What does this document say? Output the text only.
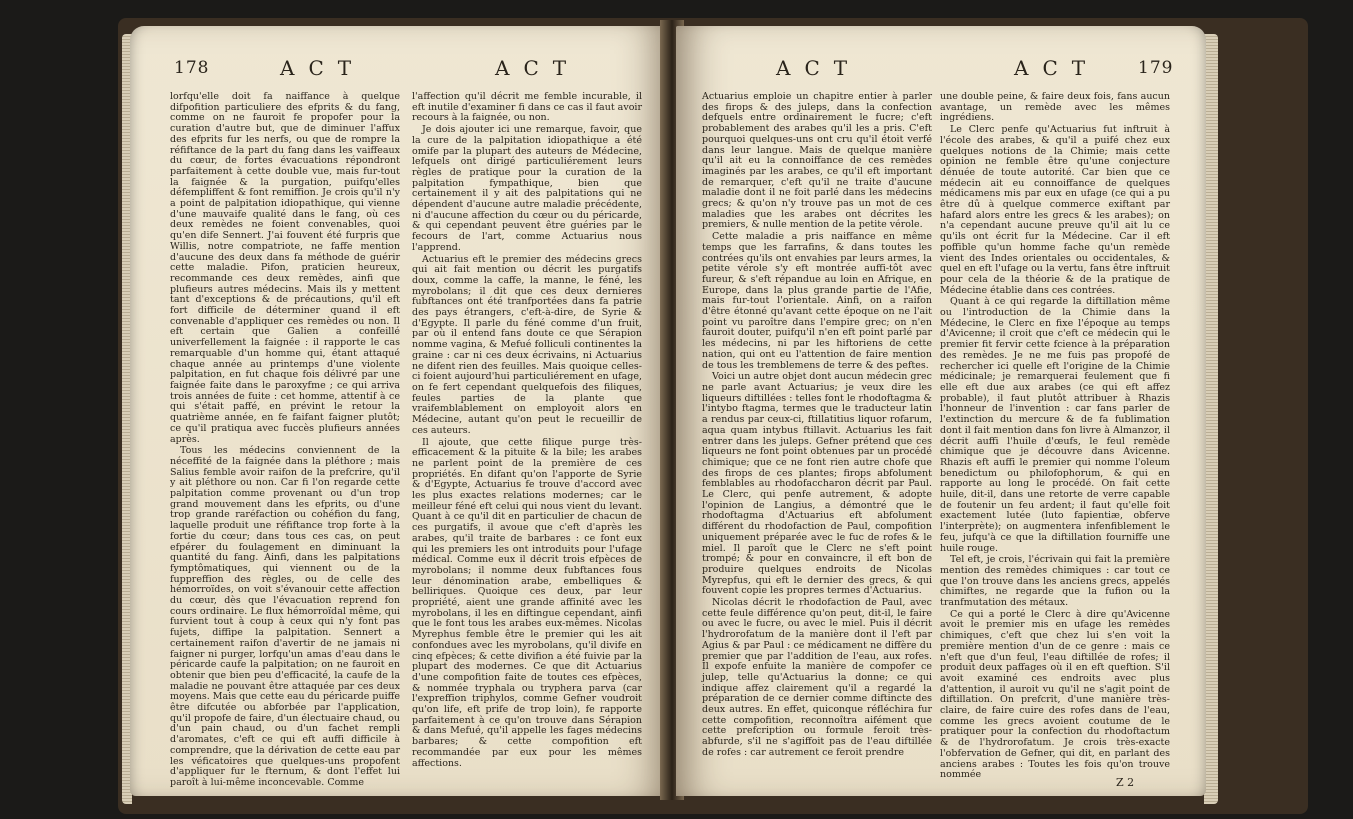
178	ACT	ACT

lorfqu'elle doit fa naiffance à quelque difpofition particuliere des efprits & du fang, comme on ne fauroit fe propofer pour la curation d'autre but, que de diminuer l'affux des efprits fur les nerfs, ou que de rompre la réfiftance de la part du fang dans les vaiffeaux du cœur, de fortes évacuations répondront parfaitement à cette double vue, mais fur-tout la faignée & la purgation, puifqu'elles défempliffent & font remiffion. Je crois qu'il n'y a point de palpitation idiopathique, qui vienne d'une mauvaife qualité dans le fang, où ces deux remèdes ne foient convenables, quoi qu'en dife Sennert. J'ai fouvent été furpris que Willis, notre compatriote, ne faffe mention d'aucune des deux dans fa méthode de guérir cette maladie. Pifon, praticien heureux, recommande ces deux remèdes, ainfi que plufieurs autres médecins. Mais ils y mettent tant d'exceptions & de précautions, qu'il eft fort difficile de déterminer quand il eft convenable d'appliquer ces remèdes ou non. Il eft certain que Galien a confeillé univerfellement la faignée : il rapporte le cas remarquable d'un homme qui, étant attaqué chaque année au printemps d'une violente palpitation, en fut chaque fois délivré par une faignée faite dans le paroxyfme ; ce qui arriva trois années de fuite : cet homme, attentif à ce qui s'était paffé, en prévint le retour la quatrième année, en fe faifant faigner plutôt; ce qu'il pratiqua avec fuccès plufieurs années après.

Tous les médecins conviennent de la néceffité de la faignée dans la pléthore ; mais Salius femble avoir raifon de la prefcrire, qu'il y ait pléthore ou non. Car fi l'on regarde cette palpitation comme provenant ou d'un trop grand mouvement dans les efprits, ou d'une trop grande raréfaction ou cohéfion du fang, laquelle produit une réfiftance trop forte à la fortie du cœur; dans tous ces cas, on peut efpérer du foulagement en diminuant la quantité du fang. Ainfi, dans les palpitations fymptômatiques, qui viennent ou de la fuppreffion des règles, ou de celle des hémorroïdes, on voit s'évanouir cette affection du cœur, dès que l'évacuation reprend fon cours ordinaire. Le flux hémorroïdal même, qui furvient tout à coup à ceux qui n'y font pas fujets, diffipe la palpitation. Sennert a certainement raifon d'avertir de ne jamais ni faigner ni purger, lorfqu'un amas d'eau dans le péricarde caufe la palpitation; on ne fauroit en obtenir que bien peu d'efficacité, la caufe de la maladie ne pouvant être attaquée par ces deux moyens. Mais que cette eau du péricarde puiffe être difcutée ou abforbée par l'application, qu'il propofe de faire, d'un électuaire chaud, ou d'un pain chaud, ou d'un fachet rempli d'aromates, c'eft ce qui eft auffi difficile à comprendre, que la dérivation de cette eau par les véficatoires que quelques-uns propofent d'appliquer fur le fternum, & dont l'effet lui paroît à lui-même inconcevable. Comme

l'affection qu'il décrit me femble incurable, il eft inutile d'examiner fi dans ce cas il faut avoir recours à la faignée, ou non.

Je dois ajouter ici une remarque, favoir, que la cure de la palpitation idiopathique a été omife par la plupart des auteurs de Médecine, lefquels ont dirigé particuliérement leurs règles de pratique pour la curation de la palpitation fympathique, bien que certainement il y ait des palpitations qui ne dépendent d'aucune autre maladie précédente, ni d'aucune affection du cœur ou du péricarde, & qui cependant peuvent être guéries par le fecours de l'art, comme Actuarius nous l'apprend.

Actuarius eft le premier des médecins grecs qui ait fait mention ou décrit les purgatifs doux, comme la caffe, la manne, le féné, les myrobolans; il dit que ces deux dernieres fubftances ont été tranfportées dans fa patrie des pays étrangers, c'eft-à-dire, de Syrie & d'Egypte. Il parle du féné comme d'un fruit, par où il entend fans doute ce que Sérapion nomme vagina, & Mefué folliculi continentes la graine : car ni ces deux écrivains, ni Actuarius ne difent rien des feuilles. Mais quoique celles-ci foient aujourd'hui particuliérement en ufage, on fe fert cependant quelquefois des filiques, feules parties de la plante que vraifemblablement on employoit alors en Médecine, autant qu'on peut le recueillir de ces auteurs.

Il ajoute, que cette filique purge très-efficacement & la pituite & la bile; les arabes ne parlent point de la première de ces propriétés. En difant qu'on l'apporte de Syrie & d'Egypte, Actuarius fe trouve d'accord avec les plus exactes relations modernes; car le meilleur féné eft celui qui nous vient du levant. Quant à ce qu'il dit en particulier de chacun de ces purgatifs, il avoue que c'eft d'après les arabes, qu'il traite de barbares : ce font eux qui les premiers les ont introduits pour l'ufage médical. Comme eux il décrit trois efpèces de myrobolans; il nomme deux fubftances fous leur dénomination arabe, embelliques & belliriques. Quoique ces deux, par leur propriété, aient une grande affinité avec les myrobolans, il les en diftingue cependant, ainfi que le font tous les arabes eux-mêmes. Nicolas Myrephus femble être le premier qui les ait confondues avec les myrobolans, qu'il divife en cinq efpèces; & cette divifion a été fuivie par la plupart des modernes. Ce que dit Actuarius d'une compofition faite de toutes ces efpèces, & nommée tryphala ou tryphera parva (car l'expreffion triphylos, comme Gefner voudroit qu'on life, eft prife de trop loin), fe rapporte parfaitement à ce qu'on trouve dans Sérapion & dans Mefué, qu'il appelle les fages médecins barbares; & cette compofition eft recommandée par eux pour les mêmes affections.

ACT	ACT 179

Actuarius emploie un chapitre entier à parler des firops & des juleps, dans la confection defquels entre ordinairement le fucre; c'eft probablement des arabes qu'il les a pris. C'eft pourquoi quelques-uns ont cru qu'il étoit verfé dans leur langue. Mais de quelque manière qu'il ait eu la connoiffance de ces remèdes imaginés par les arabes, ce qu'il eft important de remarquer, c'eft qu'il ne traite d'aucune maladie dont il ne foit parlé dans les médecins grecs; & qu'on n'y trouve pas un mot de ces maladies que les arabes ont décrites les premiers, & nulle mention de la petite vérole.

Cette maladie a pris naiffance en même temps que les farrafins, & dans toutes les contrées qu'ils ont envahies par leurs armes, la petite vérole s'y eft montrée auffi-tôt avec fureur, & s'eft répandue au loin en Afrique, en Europe, dans la plus grande partie de l'Afie, mais fur-tout l'orientale. Ainfi, on a raifon d'être étonné qu'avant cette époque on ne l'ait point vu paroître dans l'empire grec; on n'en fauroit douter, puifqu'il n'en eft point parlé par les médecins, ni par les hiftoriens de cette nation, qui ont eu l'attention de faire mention de tous les tremblemens de terre & des peftes.

Voici un autre objet dont aucun médecin grec ne parle avant Actuarius; je veux dire les liqueurs diftillées : telles font le rhodoftagma & l'intybo ftagma, termes que le traducteur latin a rendus par ceux-ci, ftillatitius liquor rofarum, aqua quam intybus ftillavit. Actuarius les fait entrer dans les juleps. Gefner prétend que ces liqueurs ne font point obtenues par un procédé chimique; que ce ne font rien autre chofe que des firops de ces plantes; firops abfolument femblables au rhodofaccharon décrit par Paul. Le Clerc, qui penfe autrement, & adopte l'opinion de Langius, a démontré que le rhodoftagma d'Actuarius eft abfolument différent du rhodofaction de Paul, compofition uniquement préparée avec le fuc de rofes & le miel. Il paroît que le Clerc ne s'eft point trompé; & pour en convaincre, il eft bon de produire quelques endroits de Nicolas Myrepfus, qui eft le dernier des grecs, & qui fouvent copie les propres termes d'Actuarius.

Nicolas décrit le rhodofaction de Paul, avec cette feule différence qu'on peut, dit-il, le faire ou avec le fucre, ou avec le miel. Puis il décrit l'hydrorofatum de la manière dont il l'eft par Agius & par Paul : ce médicament ne diffère du premier que par l'addition de l'eau, aux rofes. Il expofe enfuite la manière de compofer ce julep, telle qu'Actuarius la donne; ce qui indique affez clairement qu'il a regardé la préparation de ce dernier comme diftincte des deux autres. En effet, quiconque réfléchira fur cette compofition, reconnoîtra aifément que cette prefcription ou formule feroit très-abfurde, s'il ne s'agiffoit pas de l'eau diftillée de rofes : car autrement ce feroit prendre

une double peine, & faire deux fois, fans aucun avantage, un remède avec les mêmes ingrédiens.

Le Clerc penfe qu'Actuarius fut inftruit à l'école des arabes, & qu'il a puifé chez eux quelques notions de la Chimie; mais cette opinion ne femble être qu'une conjecture dénuée de toute autorité. Car bien que ce médecin ait eu connoiffance de quelques médicamens mis par eux en ufage (ce qui a pu être dû à quelque commerce exiftant par hafard alors entre les grecs & les arabes); on n'a cependant aucune preuve qu'il ait lu ce qu'ils ont écrit fur la Médecine. Car il eft poffible qu'un homme fache qu'un remède vient des Indes orientales ou occidentales, & quel en eft l'ufage ou la vertu, fans être inftruit pour cela de la théorie & de la pratique de Médecine établie dans ces contrées.

Quant à ce qui regarde la diftillation même ou l'introduction de la Chimie dans la Médecine, le Clerc en fixe l'époque au temps d'Avicenne; il croit que c'eft ce médecin qui le premier fit fervir cette fcience à la préparation des remèdes. Je ne me fuis pas propofé de rechercher ici quelle eft l'origine de la Chimie médicinale; je remarquerai feulement que fi elle eft due aux arabes (ce qui eft affez probable), il faut plutôt attribuer à Rhazis l'honneur de l'invention : car fans parler de l'extinction du mercure & de fa fublimation dont il fait mention dans fon livre à Almanzor, il décrit auffi l'huile d'œufs, le feul remède chimique que je découvre dans Avicenne. Rhazis eft auffi le premier qui nomme l'oleum benedictum ou philofophorum, & qui en rapporte au long le procédé. On fait cette huile, dit-il, dans une retorte de verre capable de foutenir un feu ardent; il faut qu'elle foit exactement lutée (luto fapientiæ, obferve l'interprète); on augmentera infenfiblement le feu, jufqu'à ce que la diftillation fourniffe une huile rouge.

Tel eft, je crois, l'écrivain qui fait la première mention des remèdes chimiques : car tout ce que l'on trouve dans les anciens grecs, appelés chimiftes, ne regarde que la fufion ou la tranfmutation des métaux.

Ce qui a porté le Clerc à dire qu'Avicenne avoit le premier mis en ufage les remèdes chimiques, c'eft que chez lui s'en voit la première mention d'un de ce genre : mais ce n'eft que d'un feul, l'eau diftillée de rofes; il produit deux paffages où il en eft queftion. S'il avoit examiné ces endroits avec plus d'attention, il auroit vu qu'il ne s'agit point de diftillation. On prefcrit, d'une manière très-claire, de faire cuire des rofes dans de l'eau, comme les grecs avoient coutume de le pratiquer pour la confection du rhodoftactum & de l'hydrorofatum. Je crois très-exacte l'obfervation de Gefner, qui dit, en parlant des anciens arabes : Toutes les fois qu'on trouve nommée

Z 2
